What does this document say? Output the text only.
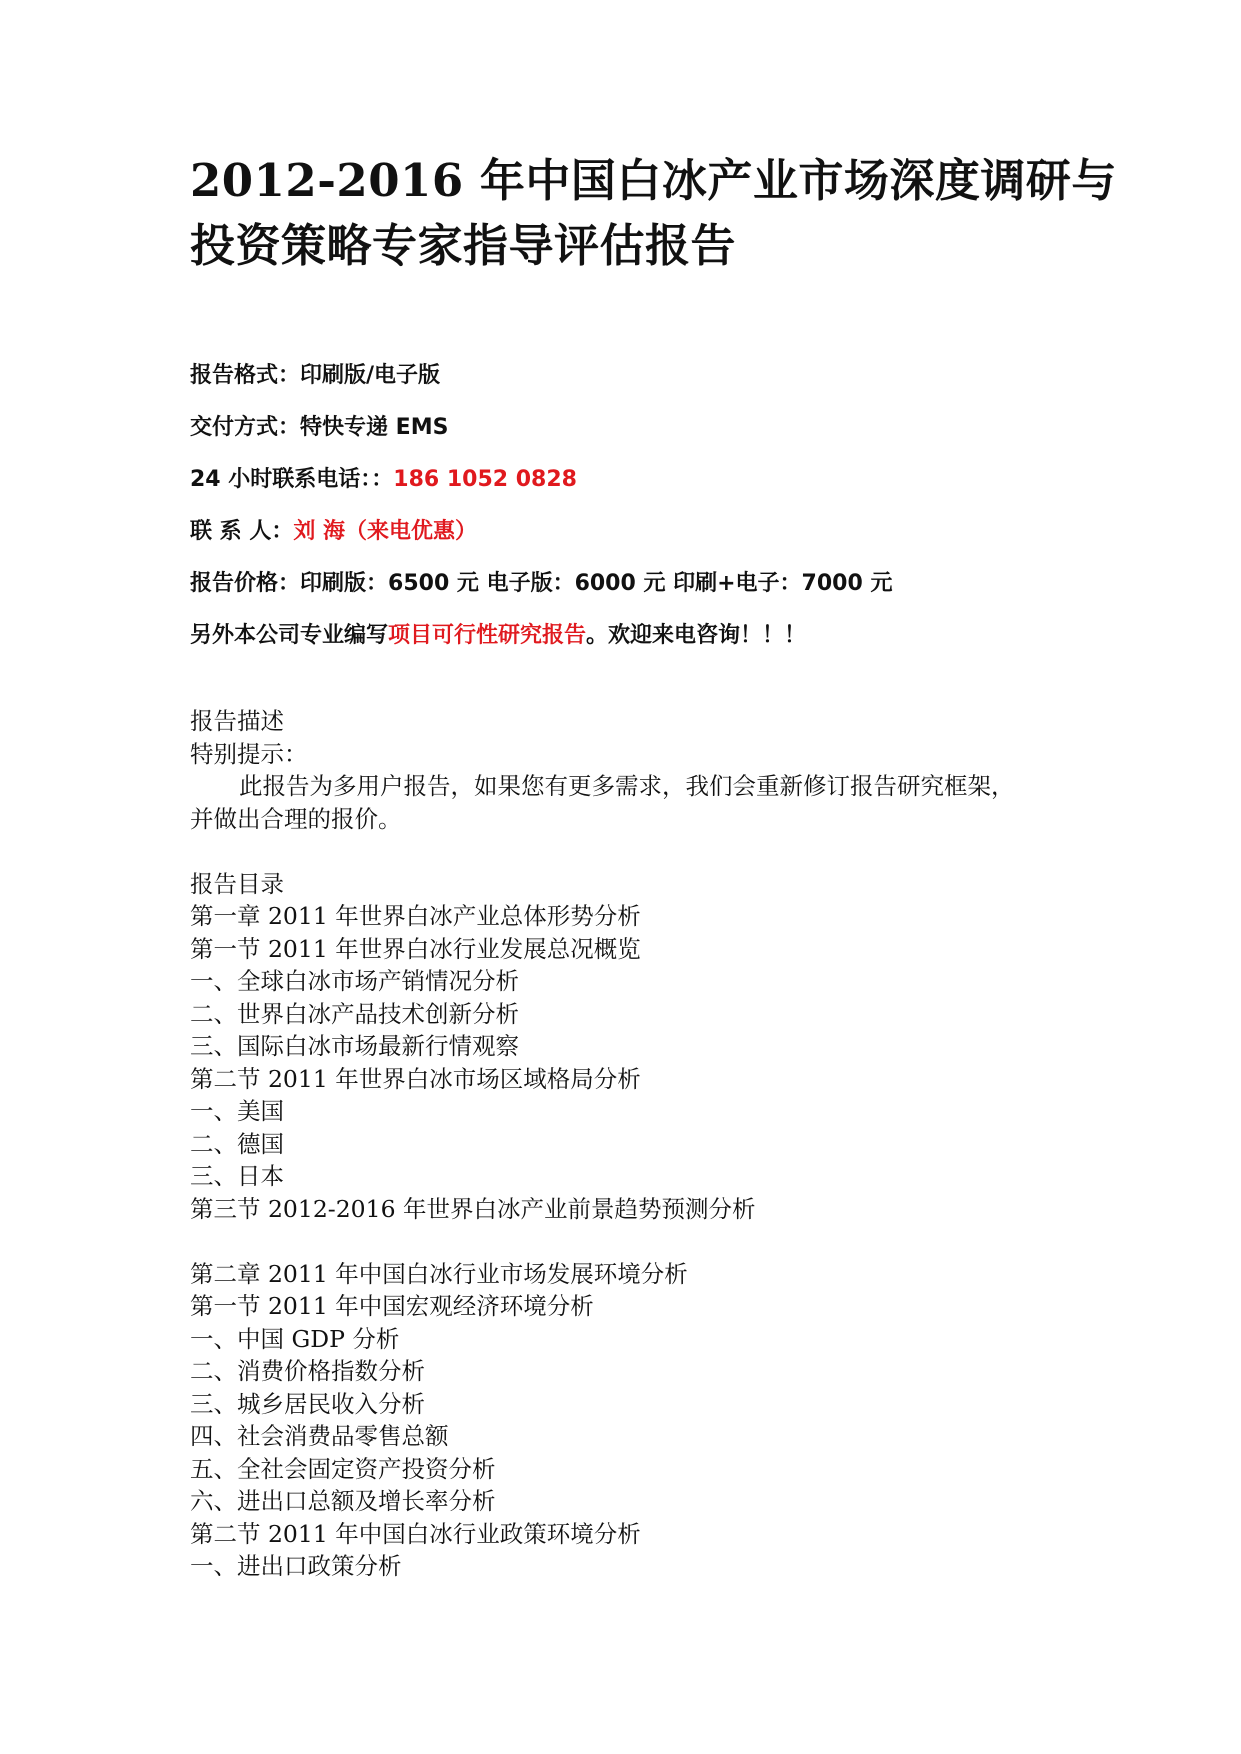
2012-2016 年中国白冰产业市场深度调研与
投资策略专家指导评估报告
报告格式：印刷版/电子版
交付方式：特快专递 EMS
24 小时联系电话：：186 1052 0828
联 系 人：刘 海（来电优惠）
报告价格：印刷版：6500 元 电子版：6000 元 印刷+电子：7000 元
另外本公司专业编写项目可行性研究报告。欢迎来电咨询！！！
报告描述
特别提示：
此报告为多用户报告，如果您有更多需求，我们会重新修订报告研究框架，
并做出合理的报价。
报告目录
第一章 2011 年世界白冰产业总体形势分析
第一节 2011 年世界白冰行业发展总况概览
一、全球白冰市场产销情况分析
二、世界白冰产品技术创新分析
三、国际白冰市场最新行情观察
第二节 2011 年世界白冰市场区域格局分析
一、美国
二、德国
三、日本
第三节 2012-2016 年世界白冰产业前景趋势预测分析
第二章 2011 年中国白冰行业市场发展环境分析
第一节 2011 年中国宏观经济环境分析
一、中国 GDP 分析
二、消费价格指数分析
三、城乡居民收入分析
四、社会消费品零售总额
五、全社会固定资产投资分析
六、进出口总额及增长率分析
第二节 2011 年中国白冰行业政策环境分析
一、进出口政策分析
